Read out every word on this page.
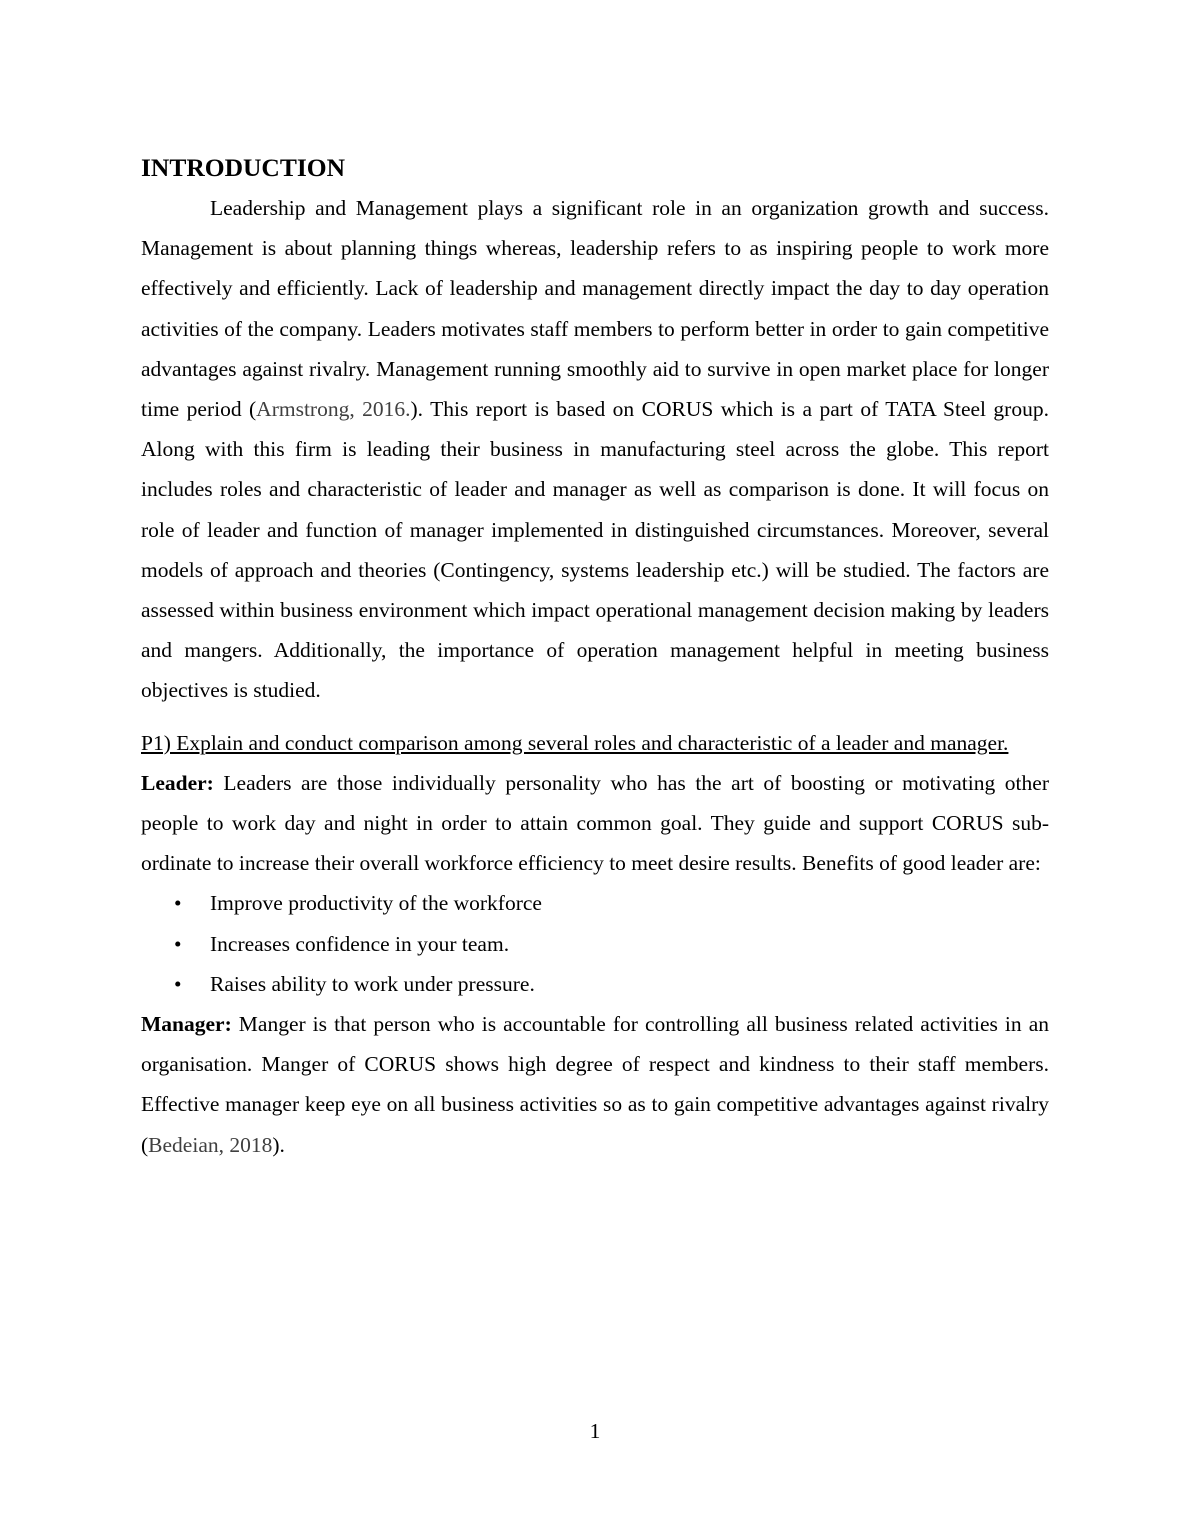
INTRODUCTION

Leadership and Management plays a significant role in an organization growth and success. Management is about planning things whereas, leadership refers to as inspiring people to work more effectively and efficiently. Lack of leadership and management directly impact the day to day operation activities of the company. Leaders motivates staff members to perform better in order to gain competitive advantages against rivalry. Management running smoothly aid to survive in open market place for longer time period (Armstrong, 2016.). This report is based on CORUS which is a part of TATA Steel group. Along with this firm is leading their business in manufacturing steel across the globe. This report includes roles and characteristic of leader and manager as well as comparison is done. It will focus on role of leader and function of manager implemented in distinguished circumstances. Moreover, several models of approach and theories (Contingency, systems leadership etc.) will be studied. The factors are assessed within business environment which impact operational management decision making by leaders and mangers. Additionally, the importance of operation management helpful in meeting business objectives is studied.

P1) Explain and conduct comparison among several roles and characteristic of a leader and manager.

Leader: Leaders are those individually personality who has the art of boosting or motivating other people to work day and night in order to attain common goal. They guide and support CORUS sub-ordinate to increase their overall workforce efficiency to meet desire results. Benefits of good leader are:

• Improve productivity of the workforce
• Increases confidence in your team.
• Raises ability to work under pressure.

Manager: Manger is that person who is accountable for controlling all business related activities in an organisation. Manger of CORUS shows high degree of respect and kindness to their staff members. Effective manager keep eye on all business activities so as to gain competitive advantages against rivalry (Bedeian, 2018).

1
